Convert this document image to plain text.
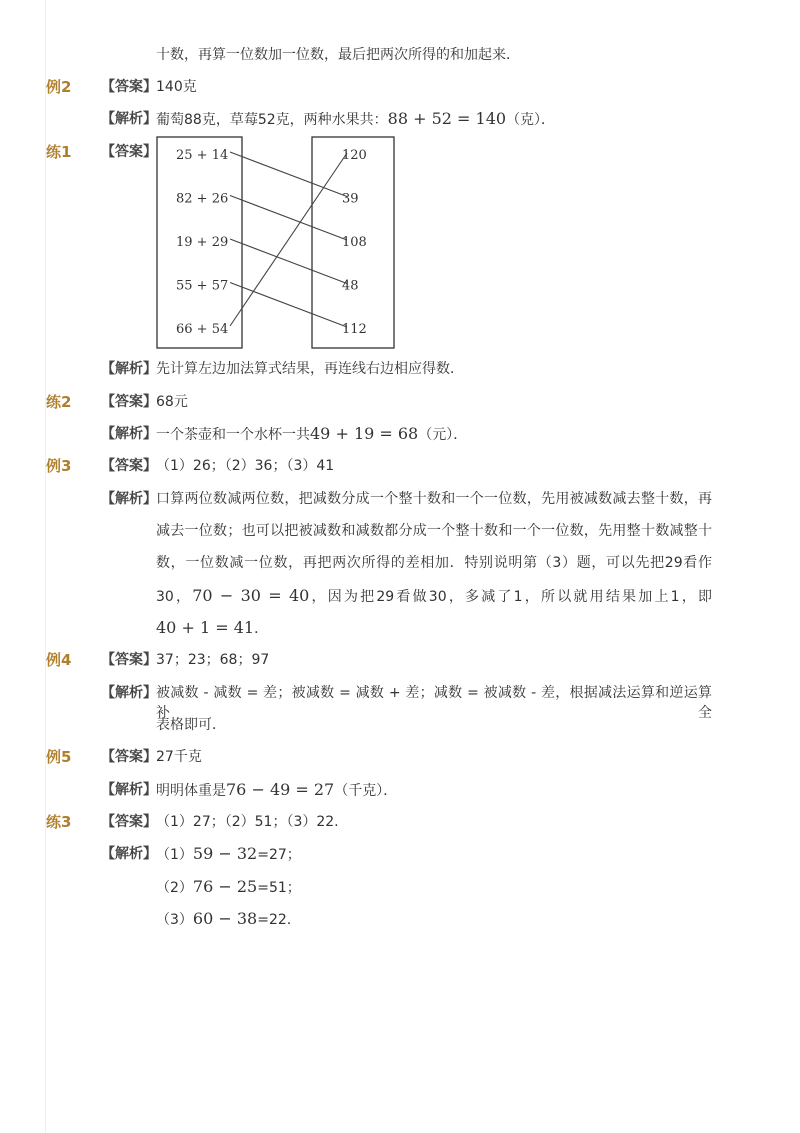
十数，再算一位数加一位数，最后把两次所得的和加起来．
例2 【答案】 140克
【解析】 葡萄88克，草莓52克，两种水果共：88 + 52 = 140（克）．
练1 【答案】 25 + 14
82 + 26
19 + 29
55 + 57
66 + 54
120
39
108
48
112
【解析】 先计算左边加法算式结果，再连线右边相应得数．
练2 【答案】 68元
【解析】 一个茶壶和一个水杯一共49 + 19 = 68（元）．
例3 【答案】 （1）26；（2）36；（3）41
【解析】 口算两位数减两位数，把减数分成一个整十数和一个一位数，先用被减数减去整十数，再
减去一位数；也可以把被减数和减数都分成一个整十数和一个一位数，先用整十数减整十
数，一位数减一位数，再把两次所得的差相加．特别说明第（3）题，可以先把29看作
30，70 − 30 = 40，因为把29看做30，多减了1，所以就用结果加上1，即
40 + 1 = 41．
例4 【答案】 37；23；68；97
【解析】 被减数 - 减数 = 差；被减数 = 减数 + 差；减数 = 被减数 - 差，根据减法运算和逆运算补全
表格即可．
例5 【答案】 27千克
【解析】 明明体重是76 − 49 = 27（千克）．
练3 【答案】 （1）27；（2）51；（3）22.
【解析】 （1）59 − 32=27；
（2）76 − 25=51；
（3）60 − 38=22.
